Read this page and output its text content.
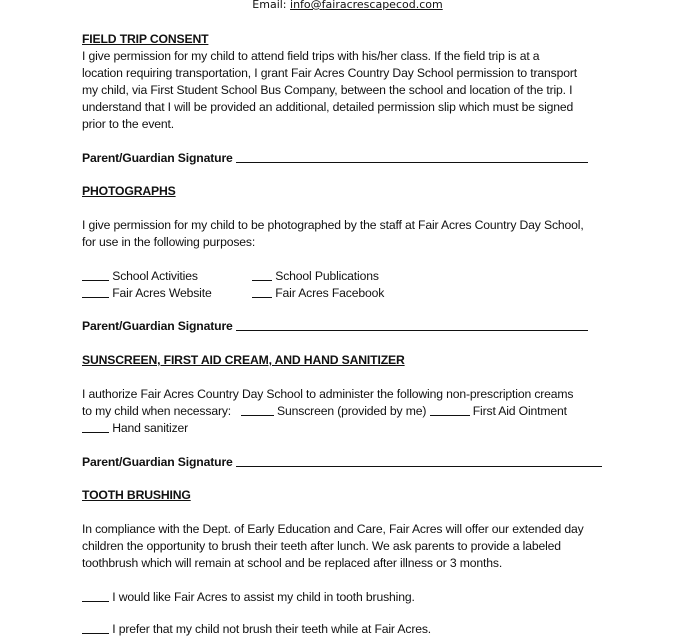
Email: info@fairacrescapecod.com
FIELD TRIP CONSENT
I give permission for my child to attend field trips with his/her class. If the field trip is at a
location requiring transportation, I grant Fair Acres Country Day School permission to transport
my child, via First Student School Bus Company, between the school and location of the trip. I
understand that I will be provided an additional, detailed permission slip which must be signed
prior to the event.
Parent/Guardian Signature
PHOTOGRAPHS
I give permission for my child to be photographed by the staff at Fair Acres Country Day School,
for use in the following purposes:
School Activities	School Publications
Fair Acres Website	Fair Acres Facebook
Parent/Guardian Signature
SUNSCREEN, FIRST AID CREAM, AND HAND SANITIZER
I authorize Fair Acres Country Day School to administer the following non-prescription creams
to my child when necessary:	Sunscreen (provided by me)	First Aid Ointment
Hand sanitizer
Parent/Guardian Signature
TOOTH BRUSHING
In compliance with the Dept. of Early Education and Care, Fair Acres will offer our extended day
children the opportunity to brush their teeth after lunch. We ask parents to provide a labeled
toothbrush which will remain at school and be replaced after illness or 3 months.
I would like Fair Acres to assist my child in tooth brushing.
I prefer that my child not brush their teeth while at Fair Acres.
